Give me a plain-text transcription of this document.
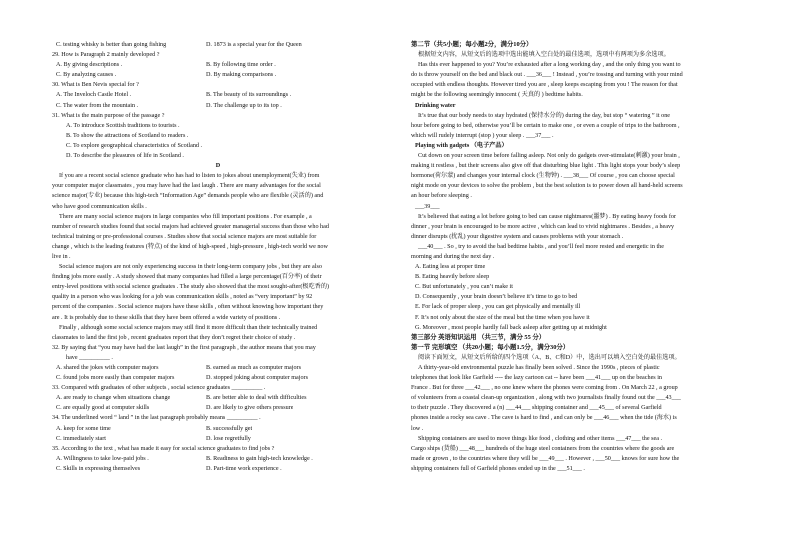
C. testing whisky is better than going fishing	D. 1873 is a special year for the Queen
29. How is Paragraph 2 mainly developed ?
A. By giving descriptions .	B. By following time order .
C. By analyzing causes .	D. By making comparisons .
30. What is Ben Nevis special for ?
A. The Inveloch Castle Hotel .	B. The beauty of its surroundings .
C. The water from the mountain .	D. The challenge up to its top .
31. What is the main purpose of the passage ?
A. To introduce Scottish traditions to tourists .
B. To show the attractions of Scotland to readers .
C. To explore geographical characteristics of Scotland .
D. To describe the pleasures of life in Scotland .
D
If you are a recent social science graduate who has had to listen to jokes about unemployment(失业) from
your computer major classmates , you may have had the last laugh . There are many advantages for the social
science major(专业) because this high-tech “Information Age” demands people who are flexible (灵活的) and
who have good communication skills .
There are many social science majors in large companies who fill important positions . For example , a
number of research studies found that social majors had achieved greater managerial success than those who had
technical training or pre-professional courses . Studies show that social science majors are most suitable for
change , which is the leading features (特点) of the kind of high-speed , high-pressure , high-tech world we now
live in .
Social science majors are not only experiencing success in their long-term company jobs , but they are also
finding jobs more easily . A study showed that many companies had filled a large percentage(百分率) of their
entry-level positions with social science graduates . The study also showed that the most sought-after(极吃香的)
quality in a person who was looking for a job was communication skills , noted as “very important” by 92
percent of the companies . Social science majors have these skills , often without knowing how important they
are . It is probably due to these skills that they have been offered a wide variety of positions .
Finally , although some social science majors may still find it more difficult than their technically trained
classmates to land the first job , recent graduates report that they don’t regret their choice of study .
32. By saying that “you may have had the last laugh” in the first paragraph , the author means that you may
have __________ .
A. shared the jokes with computer majors	B. earned as much as computer majors
C. found jobs more easily than computer majors	D. stopped joking about computer majors
33. Compared with graduates of other subjects , social science graduates __________ .
A. are ready to change when situations change	B. are better able to deal with difficulties
C. are equally good at computer skills	D. are likely to give others pressure
34. The underlined word “ land ” in the last paragraph probably means __________ .
A. keep for some time	B. successfully get
C. immediately start	D. lose regretfully
35. According to the text , what has made it easy for social science graduates to find jobs ?
A. Willingness to take low-paid jobs .	B. Readiness to gain high-tech knowledge .
C. Skills in expressing themselves	D. Part-time work experience .
第二节（共5小题；每小题2分，满分10分）
根据短文内容，从短文后的选项中选出能填入空白处的最佳选项，选项中有两项为多余选项。
Has this ever happened to you? You’re exhausted after a long working day , and the only thing you want to
do is throw yourself on the bed and black out . ___36___ ! Instead , you’re tossing and turning with your mind
occupied with endless thoughts. However tired you are , sleep keeps escaping from you ! The reason for that
might be the following seemingly innocent ( 天真的 ) bedtime habits.
Drinking water
It’s true that our body needs to stay hydrated (保持水分的) during the day, but stop “ watering ” it one
hour before going to bed, otherwise you’ll be certain to make one , or even a couple of trips to the bathroom ,
which will rudely interrupt (stop ) your sleep . ___37___ .
Playing with gadgets （电子产品）
Cut down on your screen time before falling asleep. Not only do gadgets over-stimulate(刺激) your brain ,
making it restless , but their screens also give off that disturbing blue light . This light stops your body’s sleep
hormone(荷尔蒙) and changes your internal clock (生物钟) . ___38___ Of course , you can choose special
night mode on your devices to solve the problem , but the best solution is to power down all hand-held screens
an hour before sleeping .
___39___
It’s believed that eating a lot before going to bed can cause nightmares(噩梦) . By eating heavy foods for
dinner , your brain is encouraged to be more active , which can lead to vivid nightmares . Besides , a heavy
dinner disrupts (扰乱) your digestive system and causes problems with your stomach .
___40___ . So , try to avoid the bad bedtime habits , and you’ll feel more rested and energetic in the
morning and during the next day .
A. Eating less at proper time
B. Eating heavily before sleep
C. But unfortunately , you can’t make it
D. Consequently , your brain doesn’t believe it’s time to go to bed
E. For lack of proper sleep , you can get physically and mentally ill
F. It’s not only about the size of the meal but the time when you have it
G. Moreover , most people hardly fall back asleep after getting up at midnight
第三部分 英语知识运用 （共三节，满分 55 分）
第一节 完形填空 （共20小题；每小题1.5分，满分30分）
阅读下面短文，从短文后所给的四个选项（A、B、C和D）中，选出可以填入空白处的最佳选项。
A thirty-year-old environmental puzzle has finally been solved . Since the 1990s , pieces of plastic
telephones that look like Garfield ---- the lazy cartoon cat -- have been ___41___ up on the beaches in
France . But for three ___42___ , no one knew where the phones were coming from . On March 22 , a group
of volunteers from a coastal clean-up organization , along with two journalists finally found out the ___43___
to their puzzle . They discovered a (n) ___44___ shipping container and ___45___ of several Garfield
phones inside a rocky sea cave . The cave is hard to find , and can only be ___46___ when the tide (海水) is
low .
Shipping containers are used to move things like food , clothing and other items ___47___ the sea .
Cargo ships (货船) ___48___ hundreds of the huge steel containers from the countries where the goods are
made or grown , to the countries where they will be ___49___ . However , ___50___ knows for sure how the
shipping containers full of Garfield phones ended up in the ___51___ .
